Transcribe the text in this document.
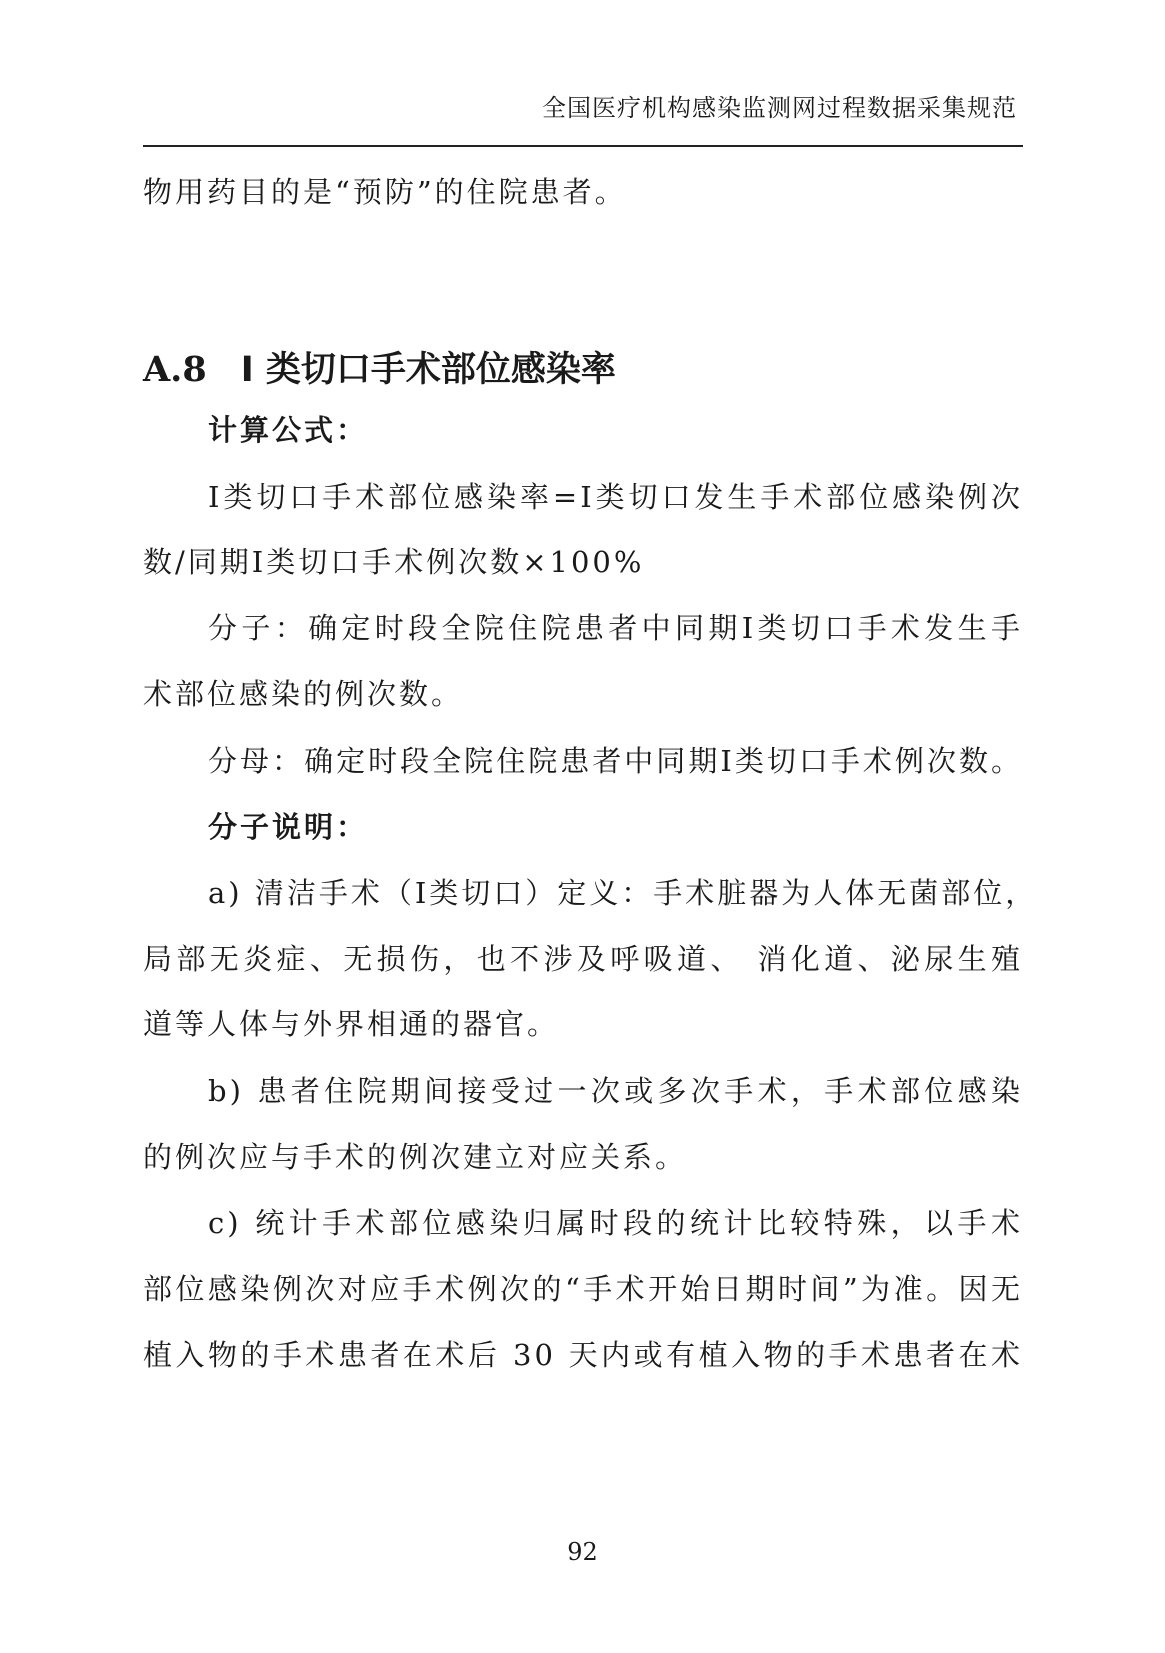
全国医疗机构感染监测网过程数据采集规范
物用药目的是“预防”的住院患者。
A.8 I 类切口手术部位感染率
计算公式：
I类切口手术部位感染率=I类切口发生手术部位感染例次
数/同期I类切口手术例次数×100%
分子：确定时段全院住院患者中同期I类切口手术发生手
术部位感染的例次数。
分母：确定时段全院住院患者中同期I类切口手术例次数。
分子说明：
a) 清洁手术（I类切口）定义：手术脏器为人体无菌部位，
局部无炎症、无损伤，也不涉及呼吸道、 消化道、泌尿生殖
道等人体与外界相通的器官。
b) 患者住院期间接受过一次或多次手术，手术部位感染
的例次应与手术的例次建立对应关系。
c) 统计手术部位感染归属时段的统计比较特殊，以手术
部位感染例次对应手术例次的“手术开始日期时间”为准。因无
植入物的手术患者在术后 30 天内或有植入物的手术患者在术
92
